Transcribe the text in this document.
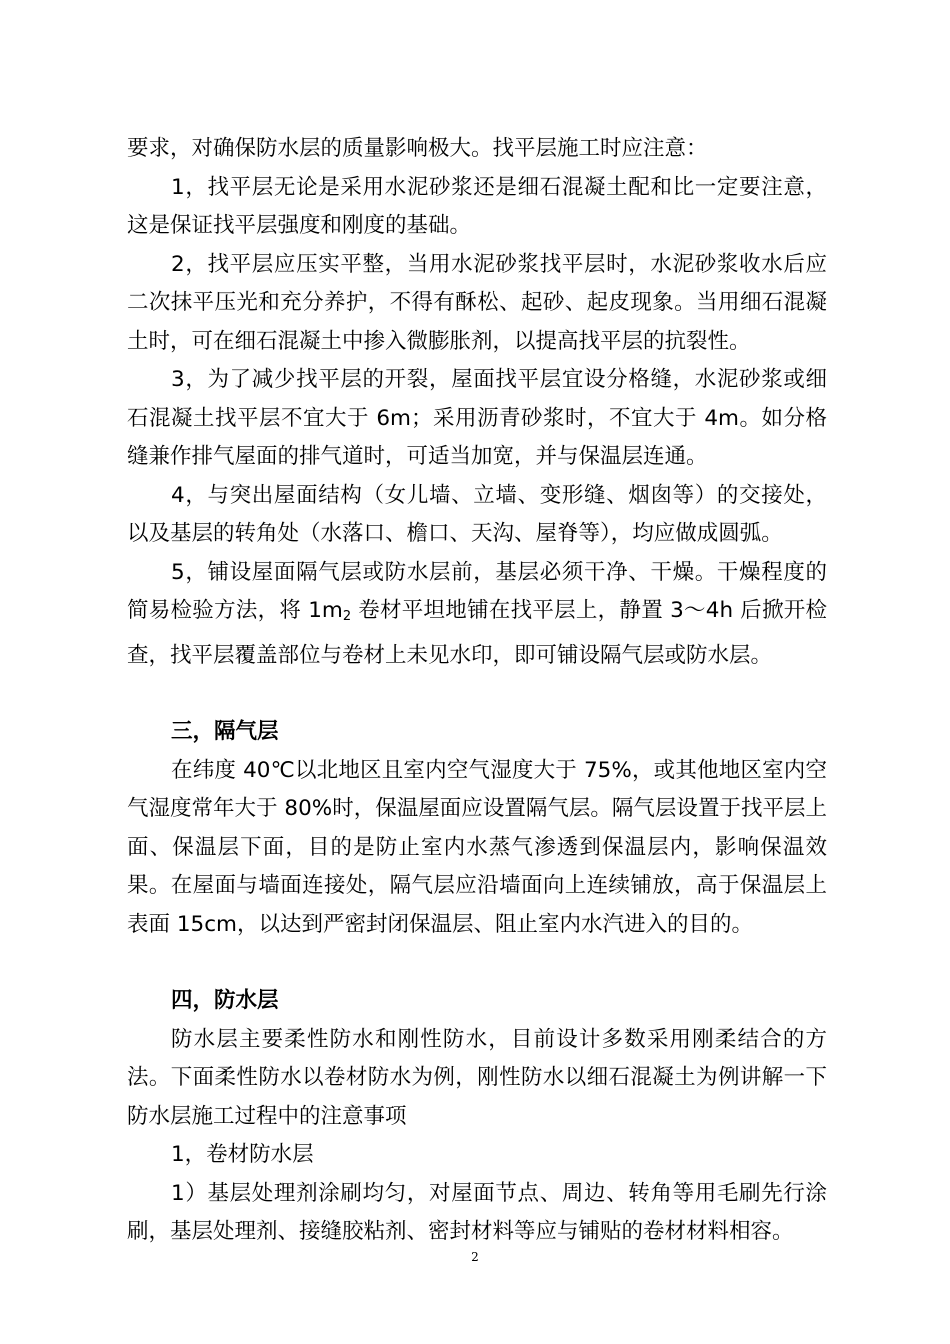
要求，对确保防水层的质量影响极大。找平层施工时应注意：

1，找平层无论是采用水泥砂浆还是细石混凝土配和比一定要注意，这是保证找平层强度和刚度的基础。

2，找平层应压实平整，当用水泥砂浆找平层时，水泥砂浆收水后应二次抹平压光和充分养护，不得有酥松、起砂、起皮现象。当用细石混凝土时，可在细石混凝土中掺入微膨胀剂，以提高找平层的抗裂性。

3，为了减少找平层的开裂，屋面找平层宜设分格缝，水泥砂浆或细石混凝土找平层不宜大于 6m；采用沥青砂浆时，不宜大于 4m。如分格缝兼作排气屋面的排气道时，可适当加宽，并与保温层连通。

4，与突出屋面结构（女儿墙、立墙、变形缝、烟囱等）的交接处，以及基层的转角处（水落口、檐口、天沟、屋脊等），均应做成圆弧。

5，铺设屋面隔气层或防水层前，基层必须干净、干燥。干燥程度的简易检验方法，将 $1m_2$ 卷材平坦地铺在找平层上，静置 3～4h 后掀开检查，找平层覆盖部位与卷材上未见水印，即可铺设隔气层或防水层。

三，隔气层

在纬度 40℃以北地区且室内空气湿度大于 75%，或其他地区室内空气湿度常年大于 80%时，保温屋面应设置隔气层。隔气层设置于找平层上面、保温层下面，目的是防止室内水蒸气渗透到保温层内，影响保温效果。在屋面与墙面连接处，隔气层应沿墙面向上连续铺放，高于保温层上表面 15cm，以达到严密封闭保温层、阻止室内水汽进入的目的。

四，防水层

防水层主要柔性防水和刚性防水，目前设计多数采用刚柔结合的方法。下面柔性防水以卷材防水为例，刚性防水以细石混凝土为例讲解一下防水层施工过程中的注意事项

1，卷材防水层

1）基层处理剂涂刷均匀，对屋面节点、周边、转角等用毛刷先行涂刷，基层处理剂、接缝胶粘剂、密封材料等应与铺贴的卷材材料相容。

2
